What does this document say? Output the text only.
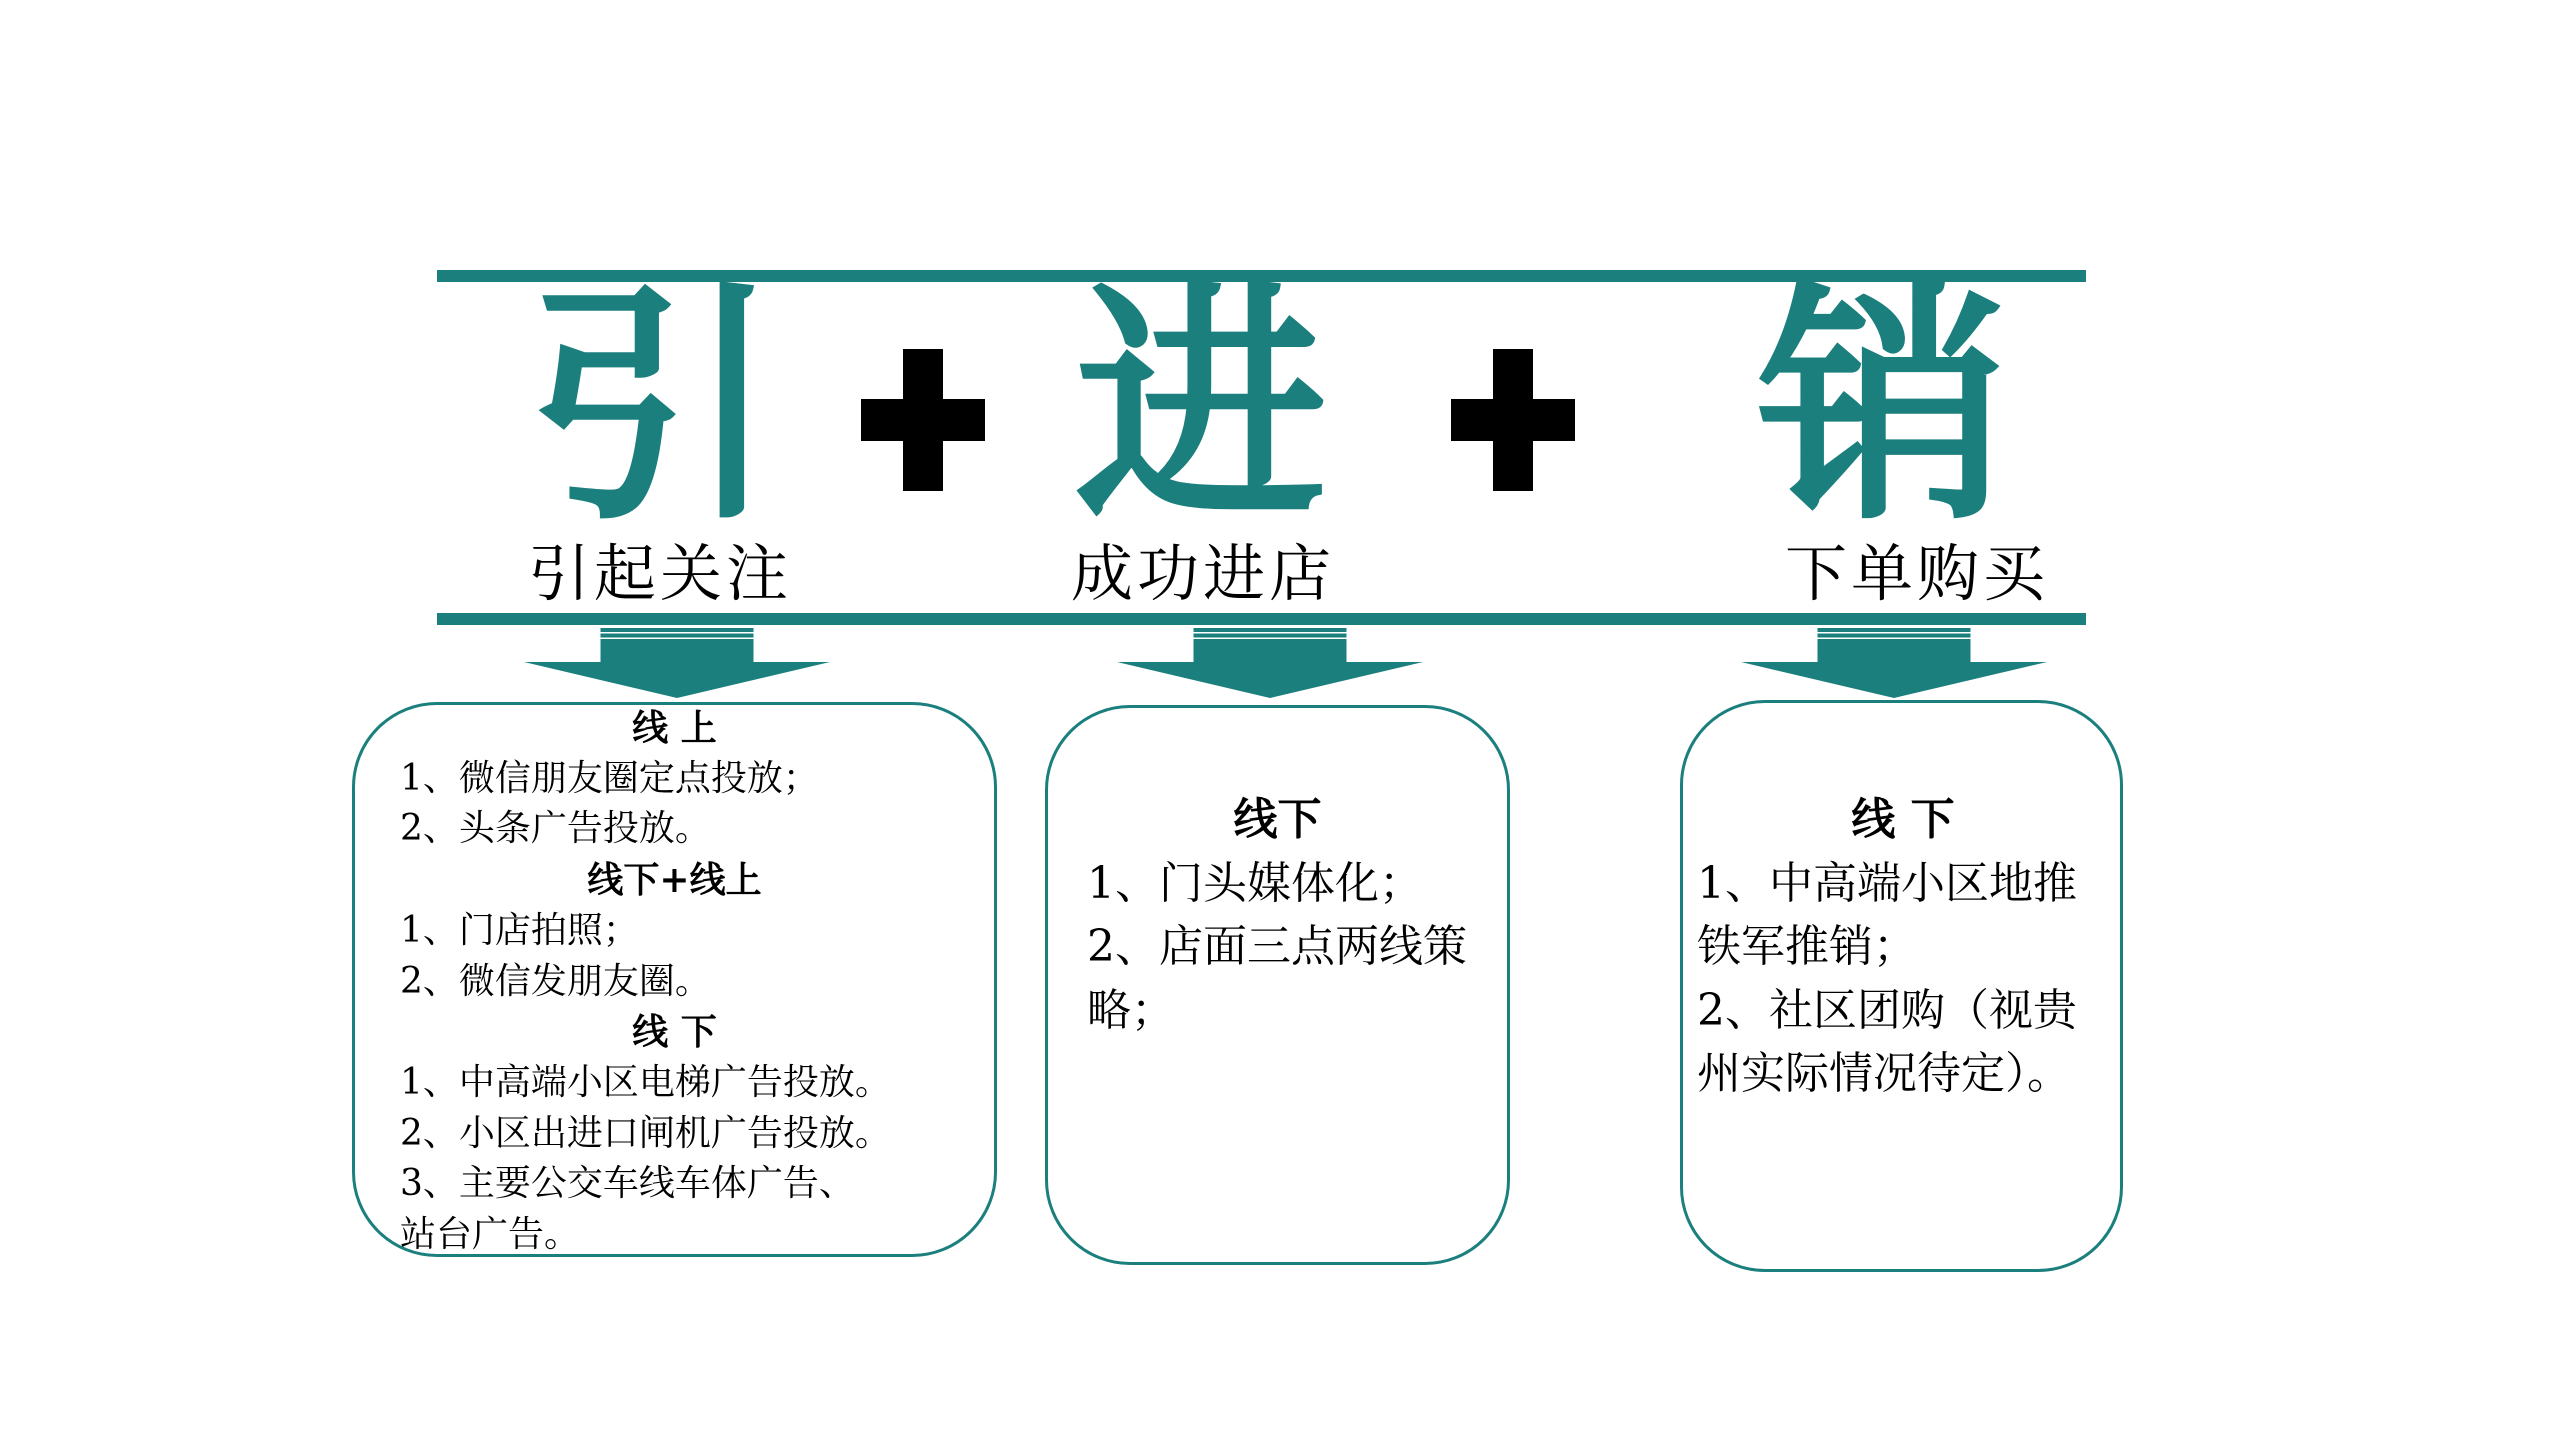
引 进 销
引起关注	成功进店	下单购买
线 上
1、微信朋友圈定点投放；
2、头条广告投放。
线下+线上
1、门店拍照；
2、微信发朋友圈。
线 下
1、中高端小区电梯广告投放。
2、小区出进口闸机广告投放。
3、主要公交车线车体广告、
站台广告。
线下
1、门头媒体化；
2、店面三点两线策
略；
线 下
1、中高端小区地推
铁军推销；
2、社区团购（视贵
州实际情况待定）。
